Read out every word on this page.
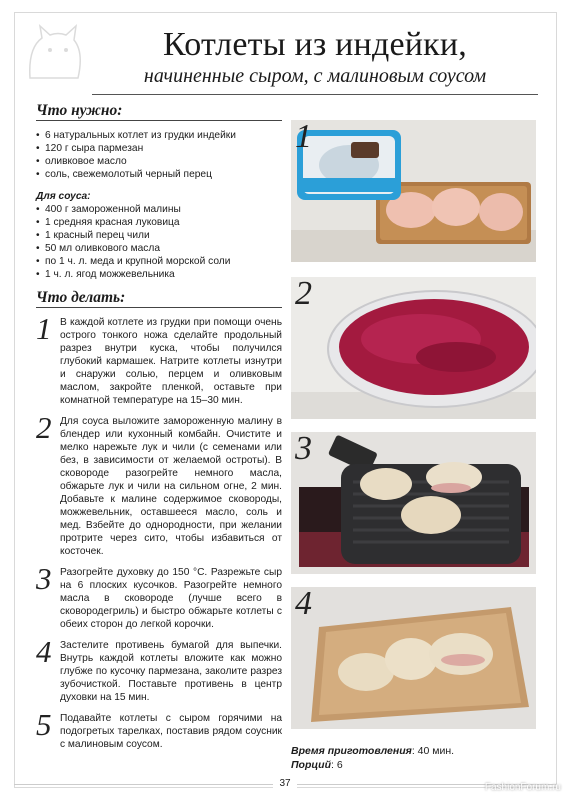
Котлеты из индейки,
начиненные сыром, с малиновым соусом
Что нужно:
• 6 натуральных котлет из грудки индейки
• 120 г сыра пармезан
• оливковое масло
• соль, свежемолотый черный перец
Для соуса:
• 400 г замороженной малины
• 1 средняя красная луковица
• 1 красный перец чили
• 50 мл оливкового масла
• по 1 ч. л. меда и крупной морской соли
• 1 ч. л. ягод можжевельника
Что делать:
1 В каждой котлете из грудки при помощи очень острого тонкого ножа сделайте продольный разрез внутри куска, чтобы получился глубокий кармашек. Натрите котлеты изнутри и снаружи солью, перцем и оливковым маслом, закройте пленкой, оставьте при комнатной температуре на 15–30 мин.

2 Для соуса выложите замороженную малину в блендер или кухонный комбайн. Очистите и мелко нарежьте лук и чили (с семенами или без, в зависимости от желаемой остроты). В сковороде разогрейте немного масла, обжарьте лук и чили на сильном огне, 2 мин. Добавьте к малине содержимое сковороды, можжевельник, оставшееся масло, соль и мед. Взбейте до однородности, при желании протрите через сито, чтобы избавиться от косточек.

3 Разогрейте духовку до 150 °С. Разрежьте сыр на 6 плоских кусочков. Разогрейте немного масла в сковороде (лучше всего в сковородегриль) и быстро обжарьте котлеты с обеих сторон до легкой корочки.

4 Застелите противень бумагой для выпечки. Внутрь каждой котлеты вложите как можно глубже по кусочку пармезана, заколите разрез зубочисткой. Поставьте противень в центр духовки на 15 мин.

5 Подавайте котлеты с сыром горячими на подогретых тарелках, поставив рядом соусник с малиновым соусом.

1
2
3
4
Время приготовления: 40 мин.
Порций: 6
37	FashionForum.ru
